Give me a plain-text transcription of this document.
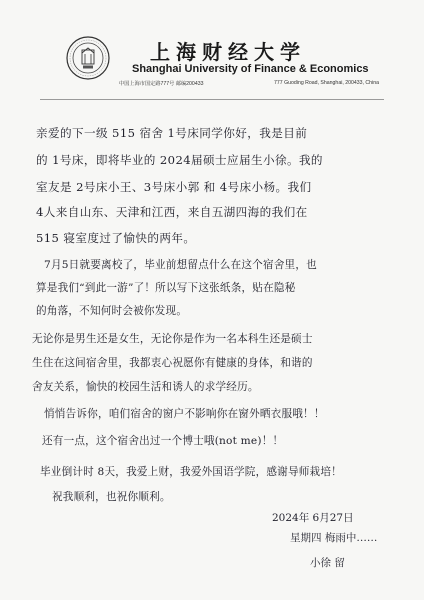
上海财经大学
Shanghai University of Finance & Economics
中国上海市国定路777号 邮编200433	777 Guoding Road, Shanghai, 200433, China
亲爱的下一级 515 宿舍 1号床同学你好，我是目前
的 1号床，即将毕业的 2024届硕士应届生小徐。我的
室友是 2号床小王、3号床小郭 和 4号床小杨。我们
4人来自山东、天津和江西，来自五湖四海的我们在
515 寝室度过了愉快的两年。
7月5日就要离校了，毕业前想留点什么在这个宿舍里，也
算是我们“到此一游”了！所以写下这张纸条，贴在隐秘
的角落，不知何时会被你发现。
无论你是男生还是女生，无论你是作为一名本科生还是硕士
生住在这间宿舍里，我都衷心祝愿你有健康的身体，和谐的
舍友关系，愉快的校园生活和诱人的求学经历。
悄悄告诉你，咱们宿舍的窗户不影响你在窗外晒衣服哦！！
还有一点，这个宿舍出过一个博士哦(not me)！！
毕业倒计时 8天，我爱上财，我爱外国语学院，感谢导师栽培！
祝我顺利，也祝你顺利。
2024年 6月27日
星期四 梅雨中……
小徐 留
